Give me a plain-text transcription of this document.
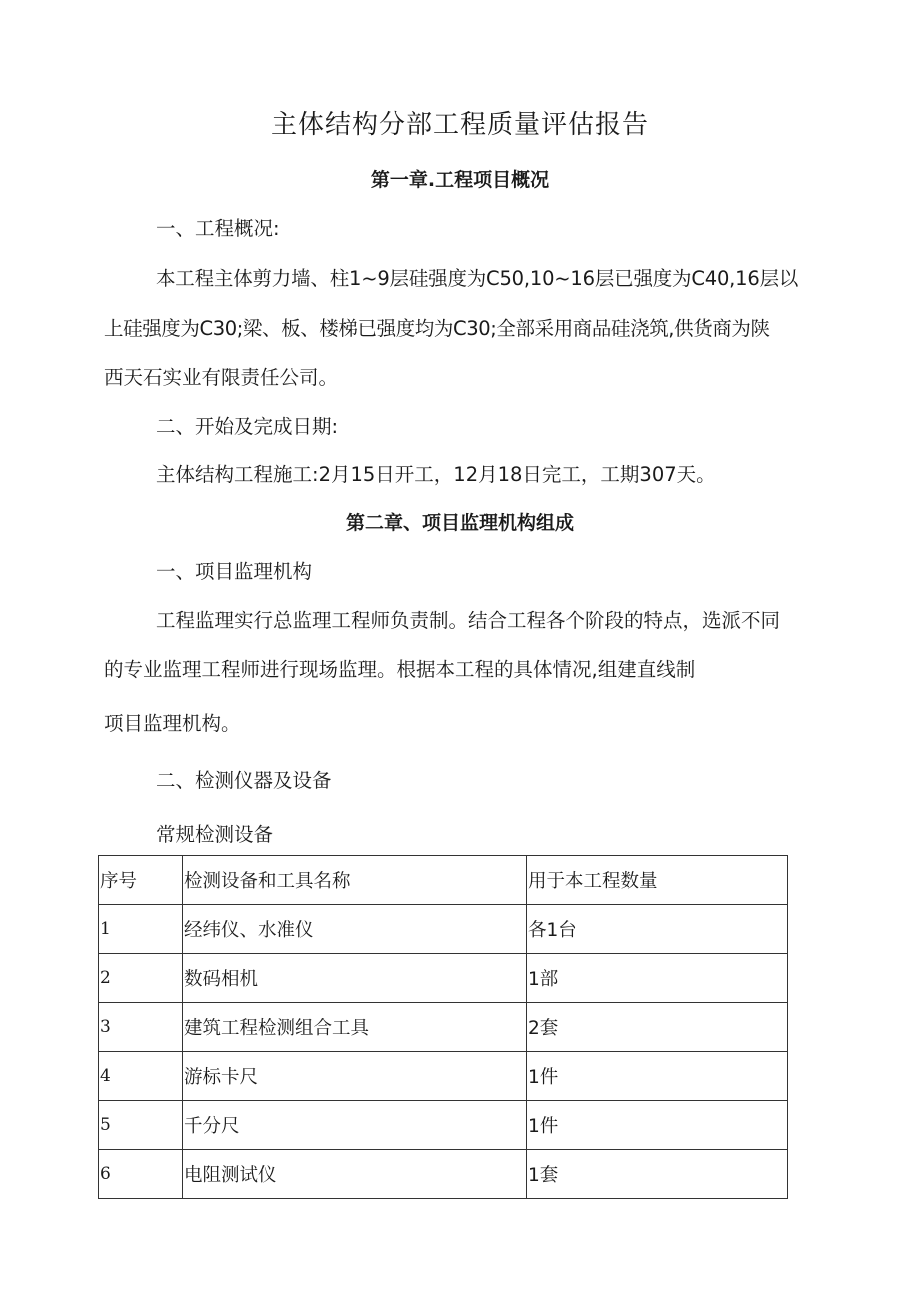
主体结构分部工程质量评估报告
第一章.工程项目概况
一、工程概况:
本工程主体剪力墙、柱1~9层硅强度为C50,10~16层已强度为C40,16层以
上硅强度为C30;梁、板、楼梯已强度均为C30;全部采用商品硅浇筑,供货商为陕
西天石实业有限责任公司。
二、开始及完成日期:
主体结构工程施工:2月15日开工，12月18日完工，工期307天。
第二章、项目监理机构组成
一、项目监理机构
工程监理实行总监理工程师负责制。结合工程各个阶段的特点，选派不同
的专业监理工程师进行现场监理。根据本工程的具体情况,组建直线制
项目监理机构。
二、检测仪器及设备
常规检测设备
序号	检测设备和工具名称	用于本工程数量
1	经纬仪、水准仪	各1台
2	数码相机	1部
3	建筑工程检测组合工具	2套
4	游标卡尺	1件
5	千分尺	1件
6	电阻测试仪	1套
